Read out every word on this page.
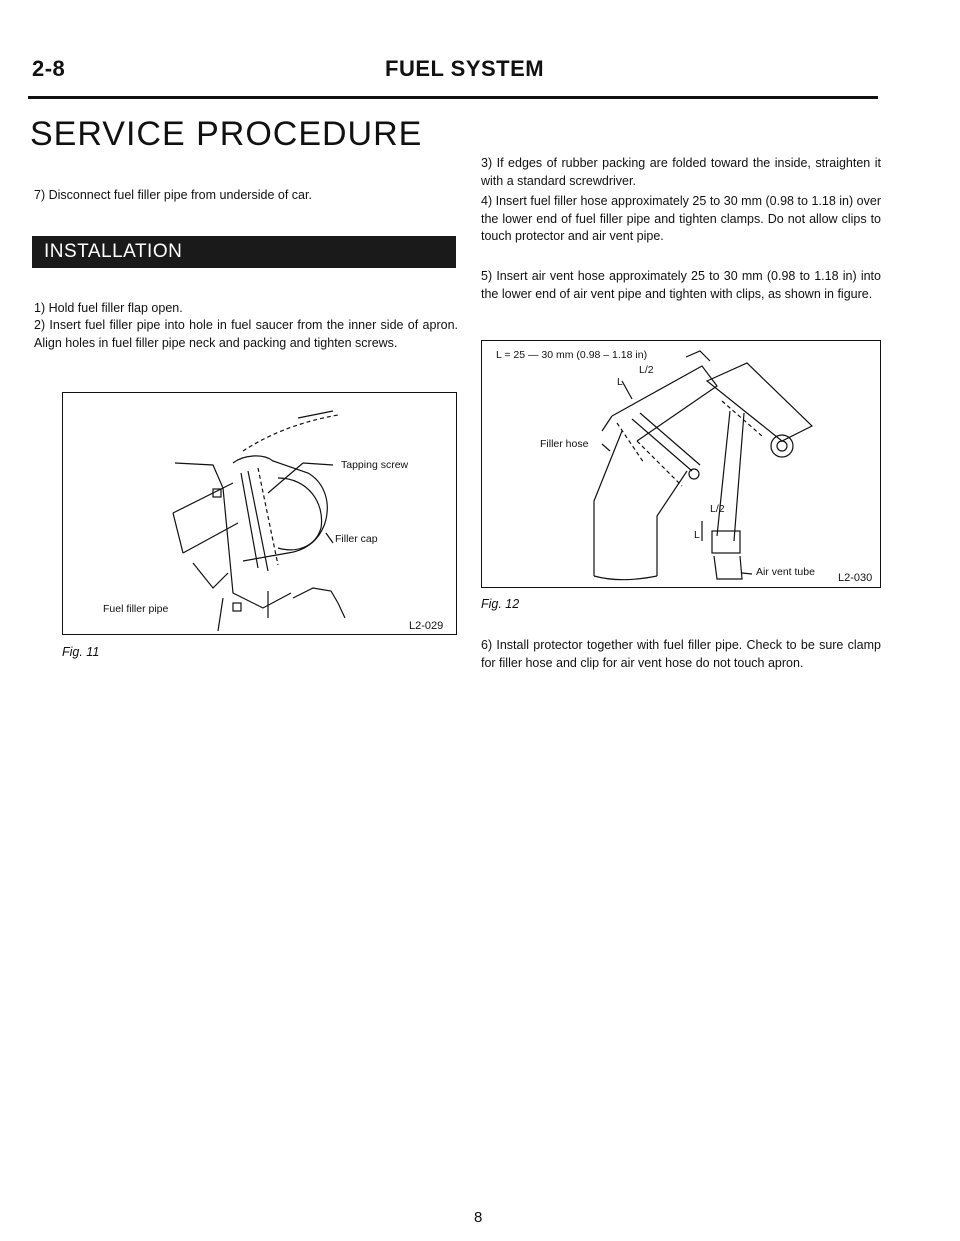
2-8	FUEL SYSTEM
SERVICE PROCEDURE
7) Disconnect fuel filler pipe from underside of car.
INSTALLATION
1) Hold fuel filler flap open.
2) Insert fuel filler pipe into hole in fuel saucer from the inner side of apron. Align holes in fuel filler pipe neck and packing and tighten screws.
Tapping screw
Filler cap
Fuel filler pipe
L2-029
Fig. 11
3) If edges of rubber packing are folded toward the inside, straighten it with a standard screwdriver.
4) Insert fuel filler hose approximately 25 to 30 mm (0.98 to 1.18 in) over the lower end of fuel filler pipe and tighten clamps. Do not allow clips to touch protector and air vent pipe.
5) Insert air vent hose approximately 25 to 30 mm (0.98 to 1.18 in) into the lower end of air vent pipe and tighten with clips, as shown in figure.
L = 25 — 30 mm (0.98 – 1.18 in)
L
L/2
Filler hose
L/2
L
Air vent tube L2-030
Fig. 12
6) Install protector together with fuel filler pipe. Check to be sure clamp for filler hose and clip for air vent hose do not touch apron.
8
